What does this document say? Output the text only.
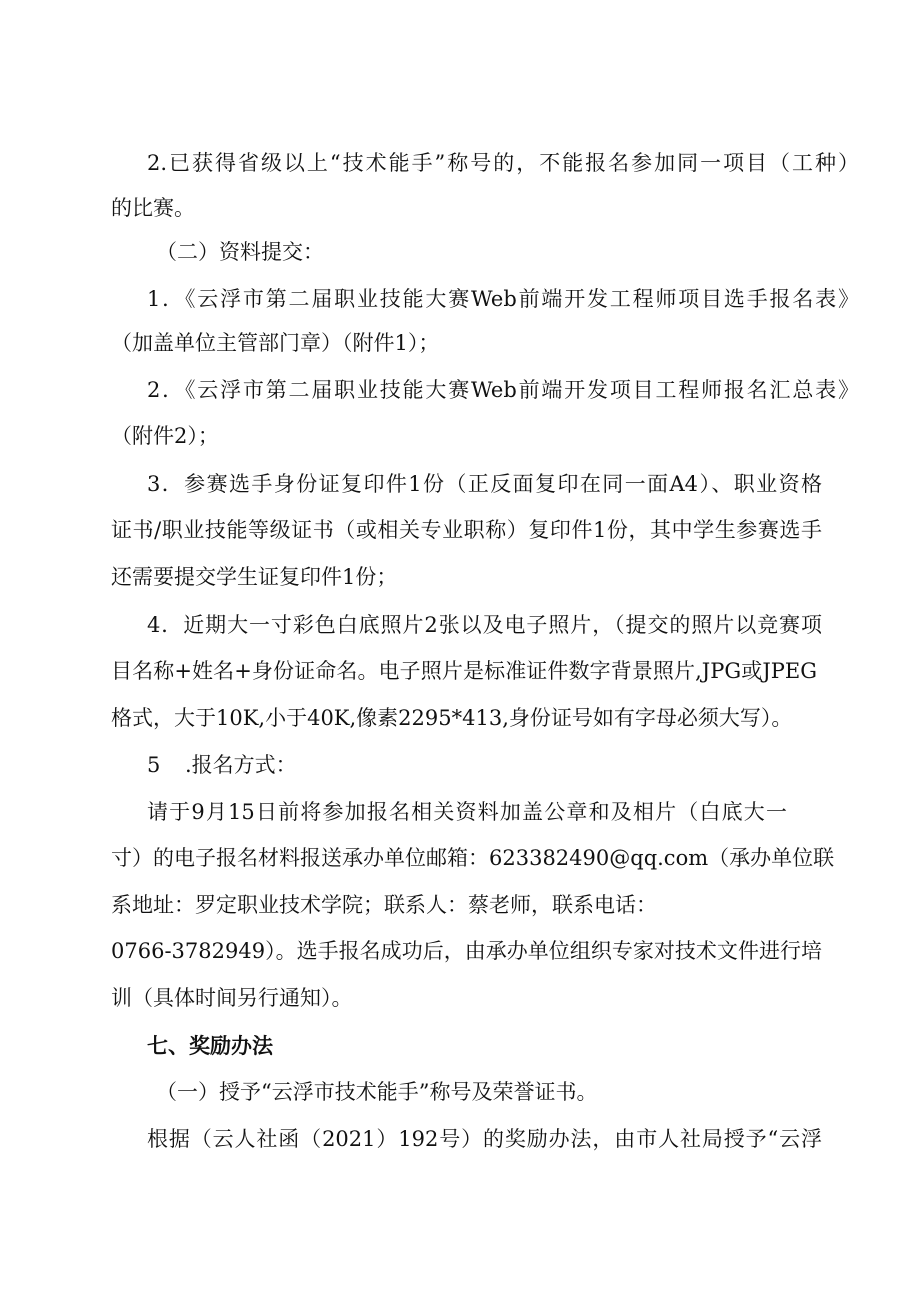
2.已获得省级以上“技术能手”称号的，不能报名参加同一项目（工种）

的比赛。

（二）资料提交：

1．《云浮市第二届职业技能大赛Web前端开发工程师项目选手报名表》

（加盖单位主管部门章）（附件1）；

2．《云浮市第二届职业技能大赛Web前端开发项目工程师报名汇总表》

（附件2）；

3．参赛选手身份证复印件1份（正反面复印在同一面A4）、职业资格

证书/职业技能等级证书（或相关专业职称）复印件1份，其中学生参赛选手

还需要提交学生证复印件1份；

4．近期大一寸彩色白底照片2张以及电子照片，（提交的照片以竞赛项

目名称+姓名+身份证命名。电子照片是标准证件数字背景照片,JPG或JPEG

格式，大于10K,小于40K,像素2295*413,身份证号如有字母必须大写）。

5 .报名方式：

请于9月15日前将参加报名相关资料加盖公章和及相片（白底大一

寸）的电子报名材料报送承办单位邮箱：623382490@qq.com（承办单位联

系地址：罗定职业技术学院；联系人：蔡老师，联系电话：

0766-3782949）。选手报名成功后，由承办单位组织专家对技术文件进行培

训（具体时间另行通知）。

七、奖励办法

（一）授予“云浮市技术能手”称号及荣誉证书。

根据（云人社函（2021）192号）的奖励办法，由市人社局授予“云浮
